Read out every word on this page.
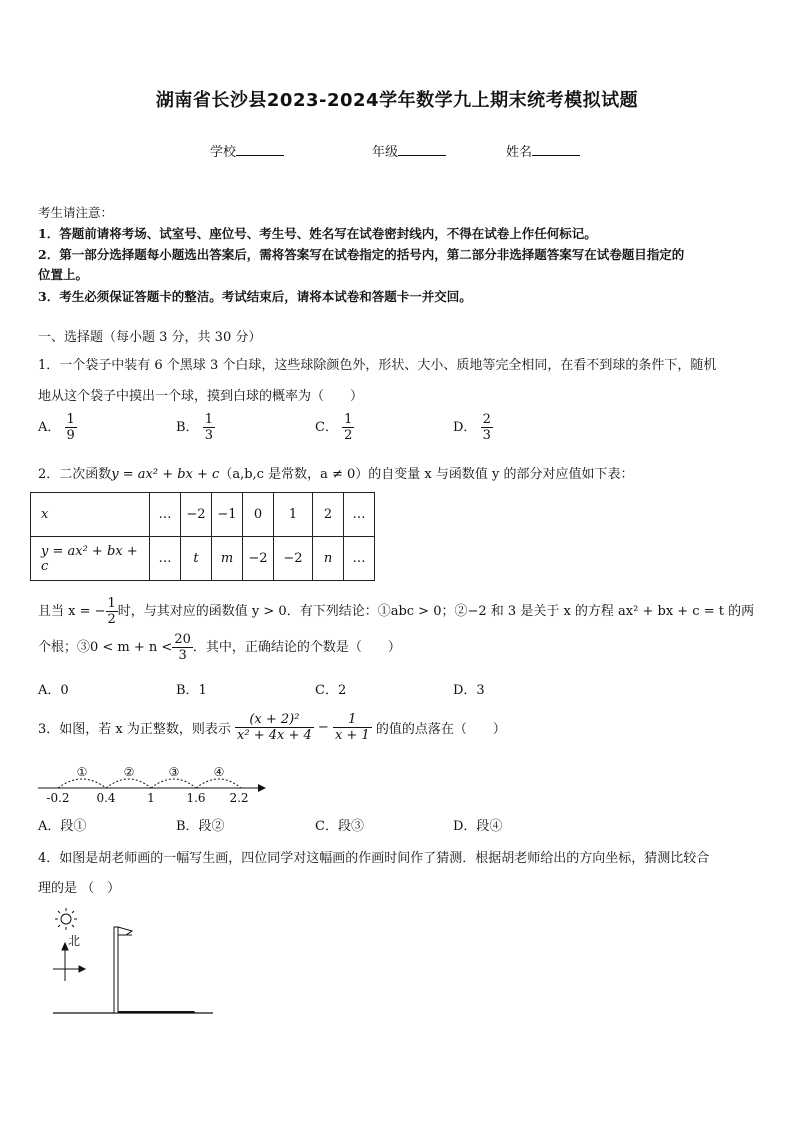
湖南省长沙县2023-2024学年数学九上期末统考模拟试题
学校	年级	姓名
考生请注意：
1．答题前请将考场、试室号、座位号、考生号、姓名写在试卷密封线内，不得在试卷上作任何标记。
2．第一部分选择题每小题选出答案后，需将答案写在试卷指定的括号内，第二部分非选择题答案写在试卷题目指定的
位置上。
3．考生必须保证答题卡的整洁。考试结束后，请将本试卷和答题卡一并交回。
一、选择题（每小题 3 分，共 30 分）
1．一个袋子中装有 6 个黑球 3 个白球，这些球除颜色外，形状、大小、质地等完全相同，在看不到球的条件下，随机
地从这个袋子中摸出一个球，摸到白球的概率为（　　）
A． $\frac{1}{9}$	B． $\frac{1}{3}$	C． $\frac{1}{2}$	D． $\frac{2}{3}$
2．二次函数y = ax² + bx + c（a,b,c 是常数，a ≠ 0）的自变量 x 与函数值 y 的部分对应值如下表：
x	…	−2	−1	0	1	2	…
y = ax² + bx + c	…	t	m	−2	−2	n	…
且当 x = − $\frac{1}{2}$ 时，与其对应的函数值 y > 0．有下列结论：①abc > 0；②−2 和 3 是关于 x 的方程 ax² + bx + c = t 的两
个根；③0 < $m + n < \frac{20}{3}$ ．其中，正确结论的个数是（　　）
A．0	B．1	C．2	D．3
3．如图，若 x 为正整数，则表示 $\frac{\text{(x + 2)²}}{\text{x² + 4x + 4}} - \frac{1}{x + 1}$ 的值的点落在（　　）
①	②	③	④
-0.2 0.4	1	1.6 2.2
A．段①	B．段②	C．段③	D．段④
4．如图是胡老师画的一幅写生画，四位同学对这幅画的作画时间作了猜测．根据胡老师给出的方向坐标，猜测比较合
理的是 （　）
北
